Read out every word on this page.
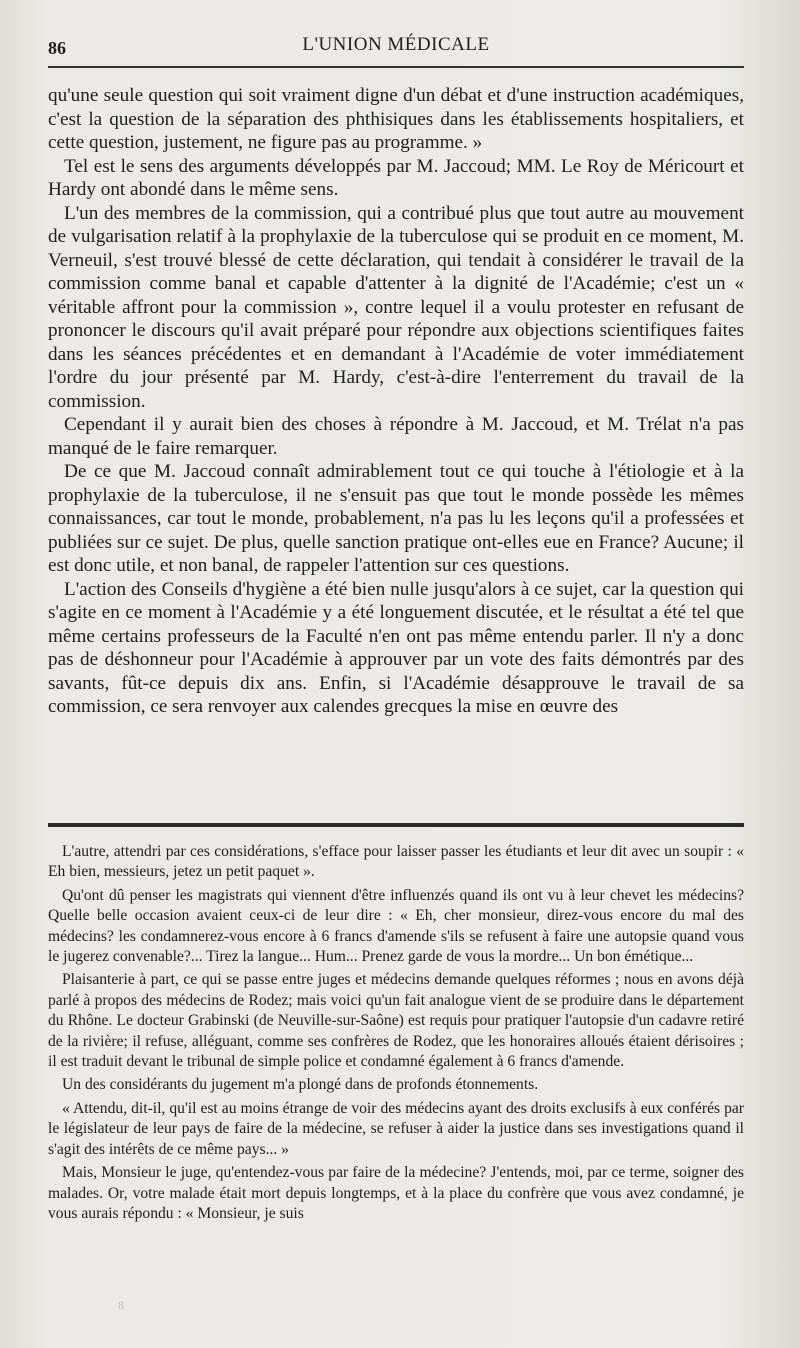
86	L'UNION MÉDICALE

qu'une seule question qui soit vraiment digne d'un débat et d'une instruction académiques, c'est la question de la séparation des phthisiques dans les établissements hospitaliers, et cette question, justement, ne figure pas au programme. »

Tel est le sens des arguments développés par M. Jaccoud; MM. Le Roy de Méricourt et Hardy ont abondé dans le même sens.

L'un des membres de la commission, qui a contribué plus que tout autre au mouvement de vulgarisation relatif à la prophylaxie de la tuberculose qui se produit en ce moment, M. Verneuil, s'est trouvé blessé de cette déclaration, qui tendait à considérer le travail de la commission comme banal et capable d'attenter à la dignité de l'Académie; c'est un « véritable affront pour la commission », contre lequel il a voulu protester en refusant de prononcer le discours qu'il avait préparé pour répondre aux objections scientifiques faites dans les séances précédentes et en demandant à l'Académie de voter immédiatement l'ordre du jour présenté par M. Hardy, c'est-à-dire l'enterrement du travail de la commission.

Cependant il y aurait bien des choses à répondre à M. Jaccoud, et M. Trélat n'a pas manqué de le faire remarquer.

De ce que M. Jaccoud connaît admirablement tout ce qui touche à l'étiologie et à la prophylaxie de la tuberculose, il ne s'ensuit pas que tout le monde possède les mêmes connaissances, car tout le monde, probablement, n'a pas lu les leçons qu'il a professées et publiées sur ce sujet. De plus, quelle sanction pratique ont-elles eue en France? Aucune; il est donc utile, et non banal, de rappeler l'attention sur ces questions.

L'action des Conseils d'hygiène a été bien nulle jusqu'alors à ce sujet, car la question qui s'agite en ce moment à l'Académie y a été longuement discutée, et le résultat a été tel que même certains professeurs de la Faculté n'en ont pas même entendu parler. Il n'y a donc pas de déshonneur pour l'Académie à approuver par un vote des faits démontrés par des savants, fût-ce depuis dix ans. Enfin, si l'Académie désapprouve le travail de sa commission, ce sera renvoyer aux calendes grecques la mise en œuvre des

L'autre, attendri par ces considérations, s'efface pour laisser passer les étudiants et leur dit avec un soupir : « Eh bien, messieurs, jetez un petit paquet ».

Qu'ont dû penser les magistrats qui viennent d'être influenzés quand ils ont vu à leur chevet les médecins? Quelle belle occasion avaient ceux-ci de leur dire : « Eh, cher monsieur, direz-vous encore du mal des médecins? les condamnerez-vous encore à 6 francs d'amende s'ils se refusent à faire une autopsie quand vous le jugerez convenable?... Tirez la langue... Hum... Prenez garde de vous la mordre... Un bon émétique...

Plaisanterie à part, ce qui se passe entre juges et médecins demande quelques réformes ; nous en avons déjà parlé à propos des médecins de Rodez; mais voici qu'un fait analogue vient de se produire dans le département du Rhône. Le docteur Grabinski (de Neuville-sur-Saône) est requis pour pratiquer l'autopsie d'un cadavre retiré de la rivière; il refuse, alléguant, comme ses confrères de Rodez, que les honoraires alloués étaient dérisoires ; il est traduit devant le tribunal de simple police et condamné également à 6 francs d'amende.

Un des considérants du jugement m'a plongé dans de profonds étonnements.

« Attendu, dit-il, qu'il est au moins étrange de voir des médecins ayant des droits exclusifs à eux conférés par le législateur de leur pays de faire de la médecine, se refuser à aider la justice dans ses investigations quand il s'agit des intérêts de ce même pays... »

Mais, Monsieur le juge, qu'entendez-vous par faire de la médecine? J'entends, moi, par ce terme, soigner des malades. Or, votre malade était mort depuis longtemps, et à la place du confrère que vous avez condamné, je vous aurais répondu : « Monsieur, je suis

8
